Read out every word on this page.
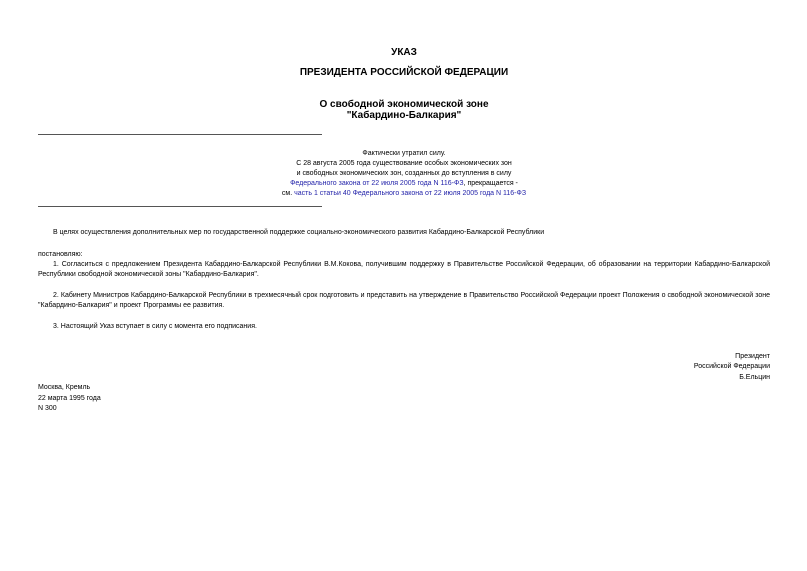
УКАЗ
ПРЕЗИДЕНТА РОССИЙСКОЙ ФЕДЕРАЦИИ
О свободной экономической зоне
"Кабардино-Балкария"
Фактически утратил силу.
С 28 августа 2005 года существование особых экономических зон
и свободных экономических зон, созданных до вступления в силу
Федерального закона от 22 июля 2005 года N 116-ФЗ, прекращается -
см. часть 1 статьи 40 Федерального закона от 22 июля 2005 года N 116-ФЗ
В целях осуществления дополнительных мер по государственной поддержке социально-экономического развития Кабардино-Балкарской Республики
постановляю:
1. Согласиться с предложением Президента Кабардино-Балкарской Республики В.М.Кокова, получившим поддержку в Правительстве Российской Федерации, об образовании на территории Кабардино-Балкарской Республики свободной экономической зоны "Кабардино-Балкария".
2. Кабинету Министров Кабардино-Балкарской Республики в трехмесячный срок подготовить и представить на утверждение в Правительство Российской Федерации проект Положения о свободной экономической зоне "Кабардино-Балкария" и проект Программы ее развития.
3. Настоящий Указ вступает в силу с момента его подписания.
Президент
Российской Федерации
Б.Ельцин
Москва, Кремль
22 марта 1995 года
N 300
